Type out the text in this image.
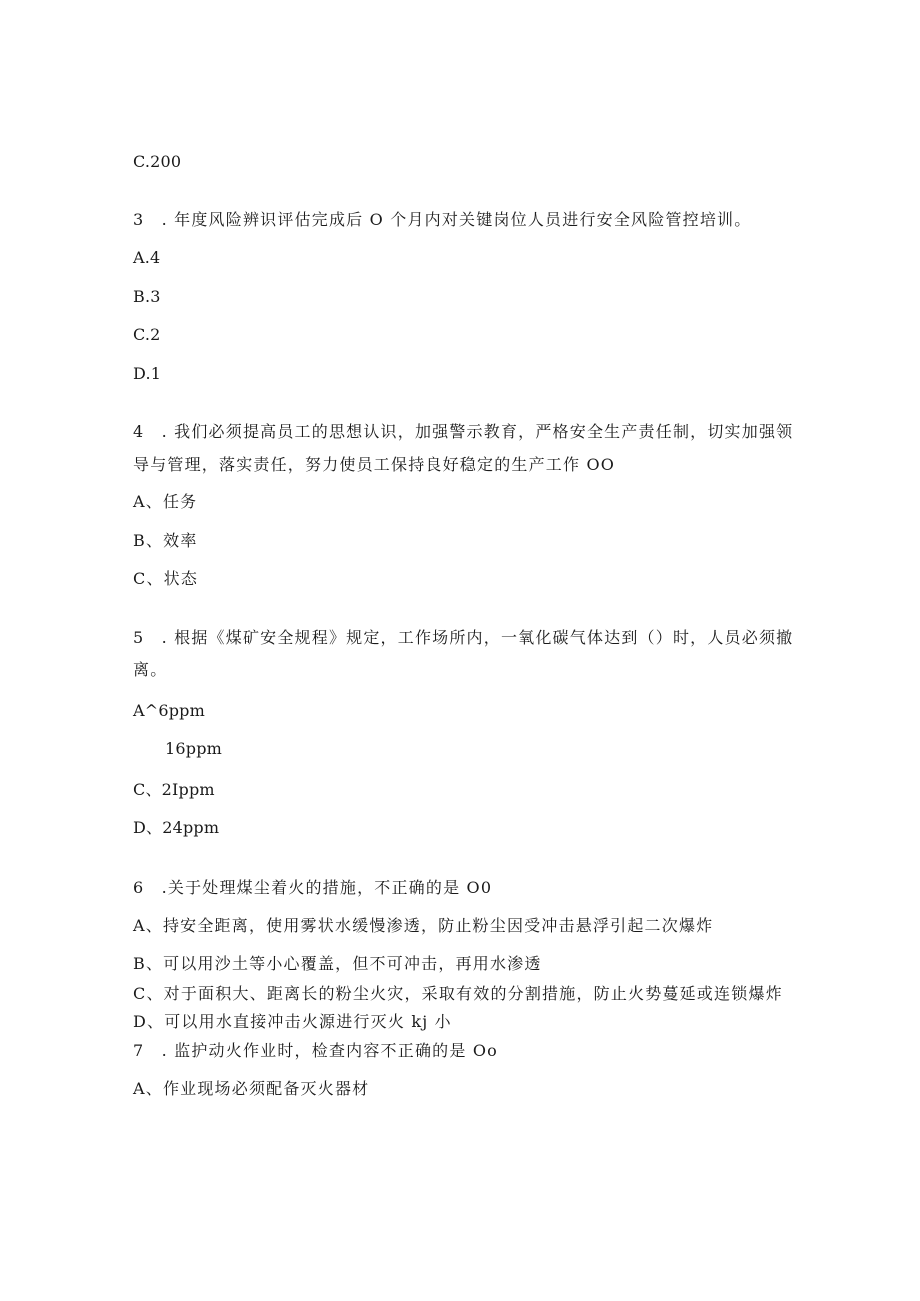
C.200
3　. 年度风险辨识评估完成后 O 个月内对关键岗位人员进行安全风险管控培训。
A.4
B.3
C.2
D.1
4　. 我们必须提高员工的思想认识，加强警示教育，严格安全生产责任制，切实加强领
导与管理，落实责任，努力使员工保持良好稳定的生产工作 OO
A、任务
B、效率
C、状态
5　. 根据《煤矿安全规程》规定，工作场所内，一氧化碳气体达到（）时，人员必须撤
离。
A^6ppm
16ppm
C、2Ippm
D、24ppm
6　.关于处理煤尘着火的措施，不正确的是 O0
A、持安全距离，使用雾状水缓慢渗透，防止粉尘因受冲击悬浮引起二次爆炸
B、可以用沙土等小心覆盖，但不可冲击，再用水渗透
C、对于面积大、距离长的粉尘火灾，采取有效的分割措施，防止火势蔓延或连锁爆炸
D、可以用水直接冲击火源进行灭火 kj 小
7　. 监护动火作业时，检查内容不正确的是 Oo
A、作业现场必须配备灭火器材
